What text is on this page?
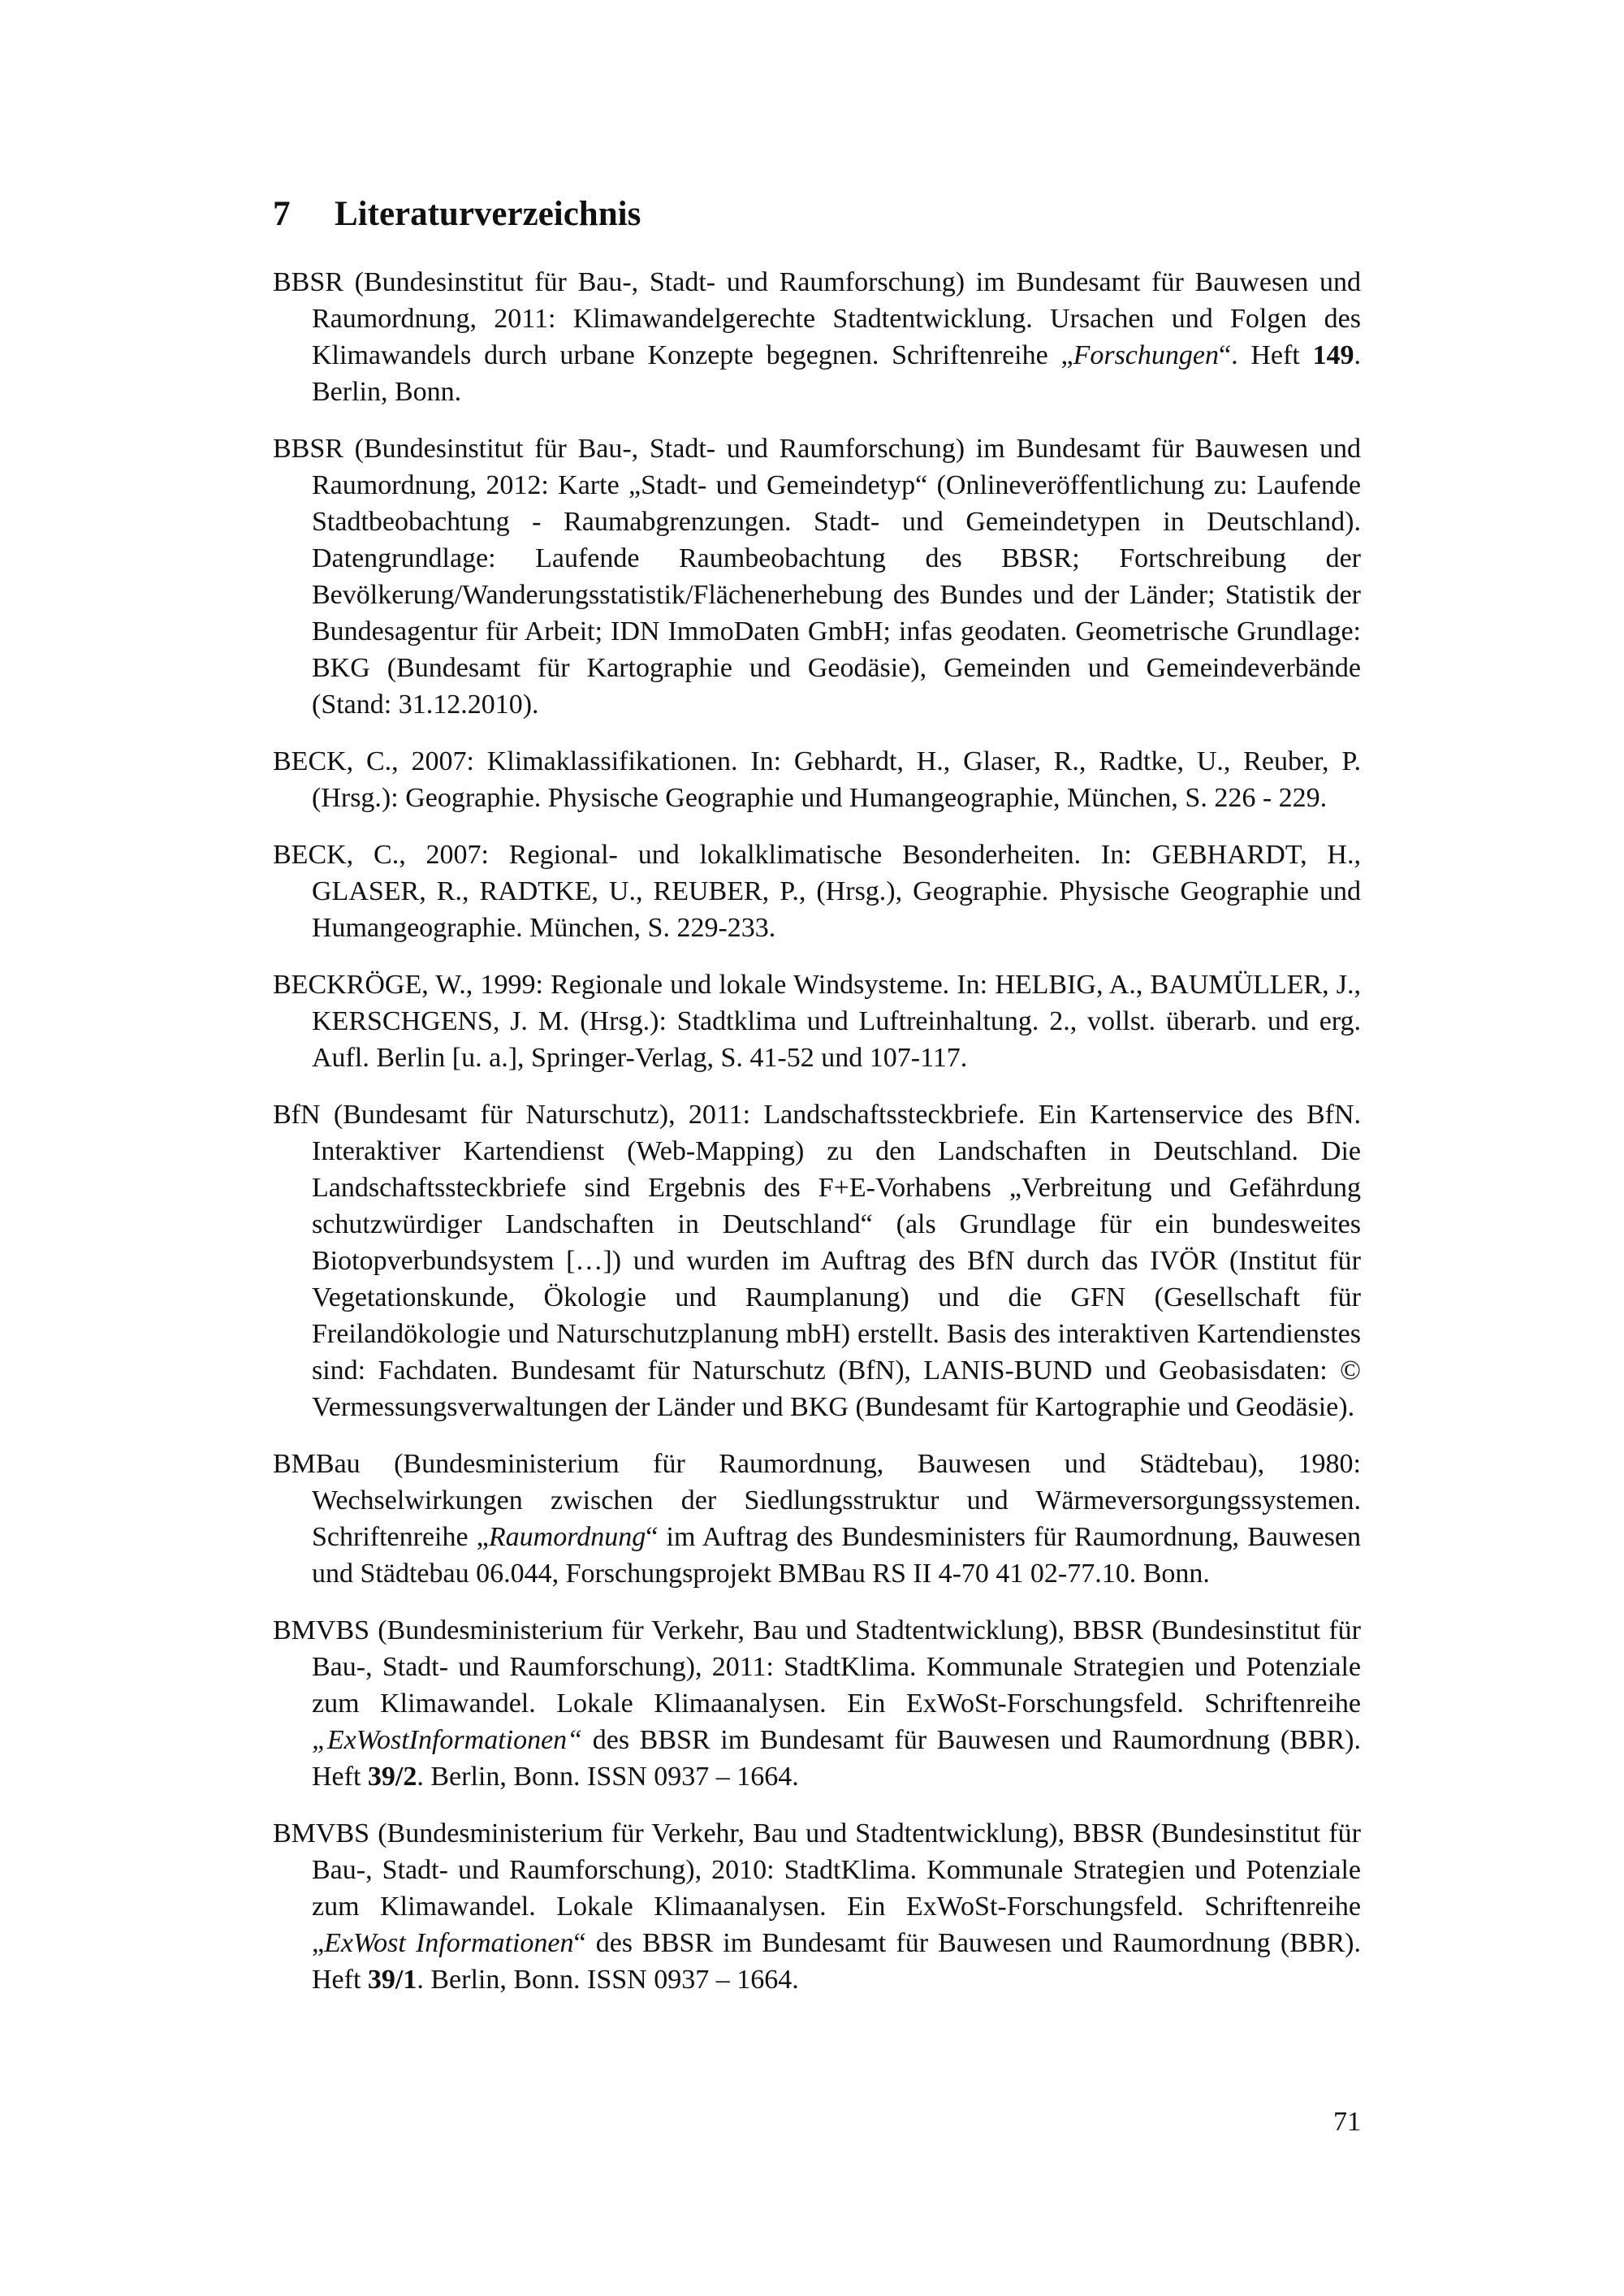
7 Literaturverzeichnis
BBSR (Bundesinstitut für Bau-, Stadt- und Raumforschung) im Bundesamt für Bauwesen und Raumordnung, 2011: Klimawandelgerechte Stadtentwicklung. Ursachen und Folgen des Klimawandels durch urbane Konzepte begegnen. Schriftenreihe „Forschungen“. Heft 149. Berlin, Bonn.
BBSR (Bundesinstitut für Bau-, Stadt- und Raumforschung) im Bundesamt für Bauwesen und Raumordnung, 2012: Karte „Stadt- und Gemeindetyp“ (Onlineveröffentlichung zu: Laufende Stadtbeobachtung - Raumabgrenzungen. Stadt- und Gemeindetypen in Deutschland). Datengrundlage: Laufende Raumbeobachtung des BBSR; Fortschreibung der Bevölkerung/Wanderungsstatistik/Flächenerhebung des Bundes und der Länder; Statistik der Bundesagentur für Arbeit; IDN ImmoDaten GmbH; infas geodaten. Geometrische Grundlage: BKG (Bundesamt für Kartographie und Geodäsie), Gemeinden und Gemeindeverbände (Stand: 31.12.2010).
BECK, C., 2007: Klimaklassifikationen. In: Gebhardt, H., Glaser, R., Radtke, U., Reuber, P. (Hrsg.): Geographie. Physische Geographie und Humangeographie, München, S. 226 - 229.
BECK, C., 2007: Regional- und lokalklimatische Besonderheiten. In: GEBHARDT, H., GLASER, R., RADTKE, U., REUBER, P., (Hrsg.), Geographie. Physische Geographie und Humangeographie. München, S. 229-233.
BECKRÖGE, W., 1999: Regionale und lokale Windsysteme. In: HELBIG, A., BAUMÜLLER, J., KERSCHGENS, J. M. (Hrsg.): Stadtklima und Luftreinhaltung. 2., vollst. überarb. und erg. Aufl. Berlin [u. a.], Springer-Verlag, S. 41-52 und 107-117.
BfN (Bundesamt für Naturschutz), 2011: Landschaftssteckbriefe. Ein Kartenservice des BfN. Interaktiver Kartendienst (Web-Mapping) zu den Landschaften in Deutschland. Die Landschaftssteckbriefe sind Ergebnis des F+E-Vorhabens „Verbreitung und Gefährdung schutzwürdiger Landschaften in Deutschland“ (als Grundlage für ein bundesweites Biotopverbundsystem […]) und wurden im Auftrag des BfN durch das IVÖR (Institut für Vegetationskunde, Ökologie und Raumplanung) und die GFN (Gesellschaft für Freilandökologie und Naturschutzplanung mbH) erstellt. Basis des interaktiven Kartendienstes sind: Fachdaten. Bundesamt für Naturschutz (BfN), LANIS-BUND und Geobasisdaten: © Vermessungsverwaltungen der Länder und BKG (Bundesamt für Kartographie und Geodäsie).
BMBau (Bundesministerium für Raumordnung, Bauwesen und Städtebau), 1980: Wechselwirkungen zwischen der Siedlungsstruktur und Wärmeversorgungssystemen. Schriftenreihe „Raumordnung“ im Auftrag des Bundesministers für Raumordnung, Bauwesen und Städtebau 06.044, Forschungsprojekt BMBau RS II 4-70 41 02-77.10. Bonn.
BMVBS (Bundesministerium für Verkehr, Bau und Stadtentwicklung), BBSR (Bundesinstitut für Bau-, Stadt- und Raumforschung), 2011: StadtKlima. Kommunale Strategien und Potenziale zum Klimawandel. Lokale Klimaanalysen. Ein ExWoSt-Forschungsfeld. Schriftenreihe „ExWostInformationen“ des BBSR im Bundesamt für Bauwesen und Raumordnung (BBR). Heft 39/2. Berlin, Bonn. ISSN 0937 – 1664.
BMVBS (Bundesministerium für Verkehr, Bau und Stadtentwicklung), BBSR (Bundesinstitut für Bau-, Stadt- und Raumforschung), 2010: StadtKlima. Kommunale Strategien und Potenziale zum Klimawandel. Lokale Klimaanalysen. Ein ExWoSt-Forschungsfeld. Schriftenreihe „ExWost Informationen“ des BBSR im Bundesamt für Bauwesen und Raumordnung (BBR). Heft 39/1. Berlin, Bonn. ISSN 0937 – 1664.
71
